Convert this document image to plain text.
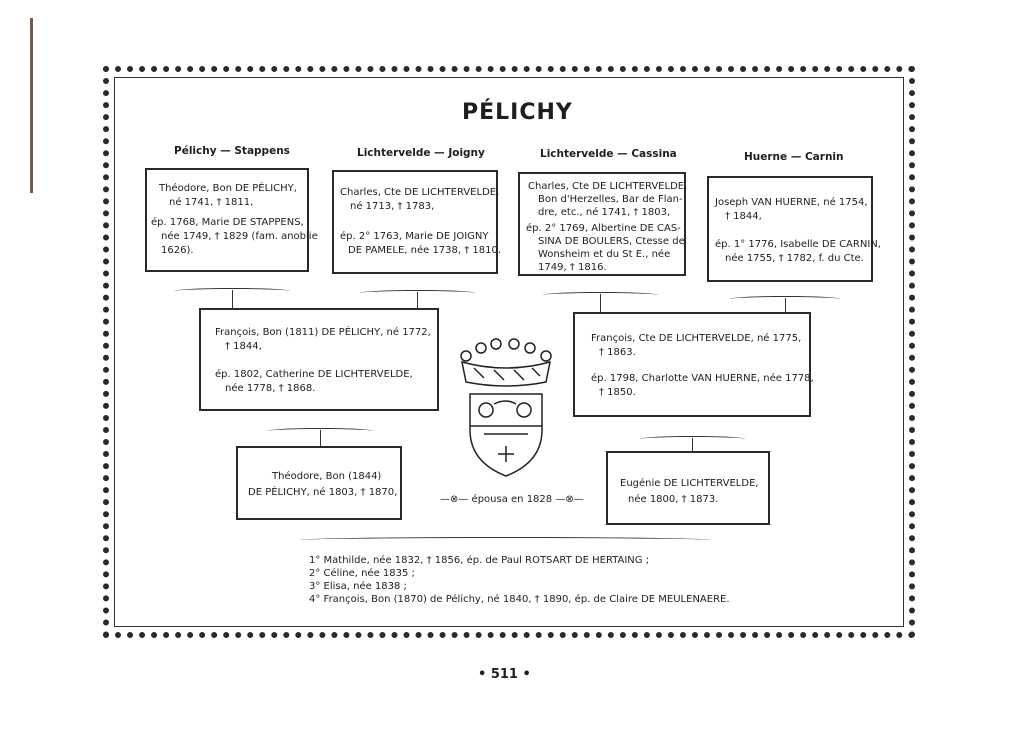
PÉLICHY
Pélichy — Stappens	Lichtervelde — Joigny	Lichtervelde — Cassina	Huerne — Carnin
Théodore, Bon DE PÉLICHY,
né 1741, † 1811,
ép. 1768, Marie DE STAPPENS,
née 1749, † 1829 (fam. anoblie
1626).
Charles, Cte DE LICHTERVELDE,
né 1713, † 1783,
ép. 2° 1763, Marie DE JOIGNY
DE PAMELE, née 1738, † 1810.
Charles, Cte DE LICHTERVELDE,
Bon d'Herzelles, Bar de Flan-
dre, etc., né 1741, † 1803,
ép. 2° 1769, Albertine DE CAS-
SINA DE BOULERS, Ctesse de
Wonsheim et du St E., née
1749, † 1816.
Joseph VAN HUERNE, né 1754,
† 1844,
ép. 1° 1776, Isabelle DE CARNIN,
née 1755, † 1782, f. du Cte.
François, Bon (1811) DE PÉLICHY, né 1772,
† 1844,
ép. 1802, Catherine DE LICHTERVELDE,
née 1778, † 1868.
François, Cte DE LICHTERVELDE, né 1775,
† 1863.
ép. 1798, Charlotte VAN HUERNE, née 1778,
† 1850.
Théodore, Bon (1844)
DE PÉLICHY, né 1803, † 1870,
Eugénie DE LICHTERVELDE,
née 1800, † 1873.
—⊗— épousa en 1828 —⊗—
1° Mathilde, née 1832, † 1856, ép. de Paul ROTSART DE HERTAING ;
2° Céline, née 1835 ;
3° Elisa, née 1838 ;
4° François, Bon (1870) de Pélichy, né 1840, † 1890, ép. de Claire DE MEULENAERE.
• 511 •
